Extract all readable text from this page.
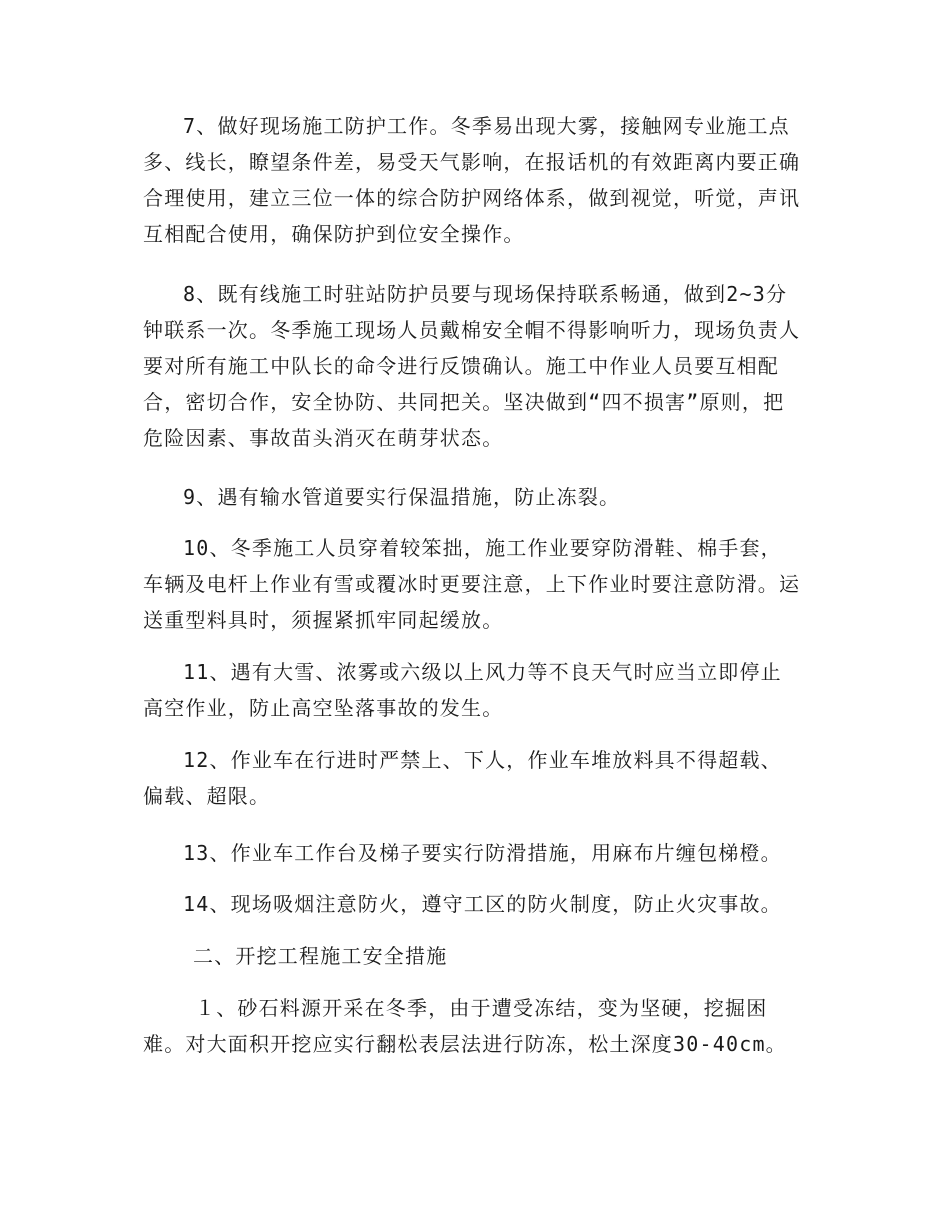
7、做好现场施工防护工作。冬季易出现大雾，接触网专业施工点多、线长，瞭望条件差，易受天气影响，在报话机的有效距离内要正确合理使用，建立三位一体的综合防护网络体系，做到视觉，听觉，声讯互相配合使用，确保防护到位安全操作。

8、既有线施工时驻站防护员要与现场保持联系畅通，做到2~3分钟联系一次。冬季施工现场人员戴棉安全帽不得影响听力，现场负责人要对所有施工中队长的命令进行反馈确认。施工中作业人员要互相配合，密切合作，安全协防、共同把关。坚决做到“四不损害”原则，把危险因素、事故苗头消灭在萌芽状态。

9、遇有输水管道要实行保温措施，防止冻裂。

10、冬季施工人员穿着较笨拙，施工作业要穿防滑鞋、棉手套，车辆及电杆上作业有雪或覆冰时更要注意，上下作业时要注意防滑。运送重型料具时，须握紧抓牢同起缓放。

11、遇有大雪、浓雾或六级以上风力等不良天气时应当立即停止高空作业，防止高空坠落事故的发生。

12、作业车在行进时严禁上、下人，作业车堆放料具不得超载、偏载、超限。

13、作业车工作台及梯子要实行防滑措施，用麻布片缠包梯橙。

14、现场吸烟注意防火，遵守工区的防火制度，防止火灾事故。

二、开挖工程施工安全措施

１、砂石料源开采在冬季，由于遭受冻结，变为坚硬，挖掘困难。对大面积开挖应实行翻松表层法进行防冻，松土深度30-40cm。
